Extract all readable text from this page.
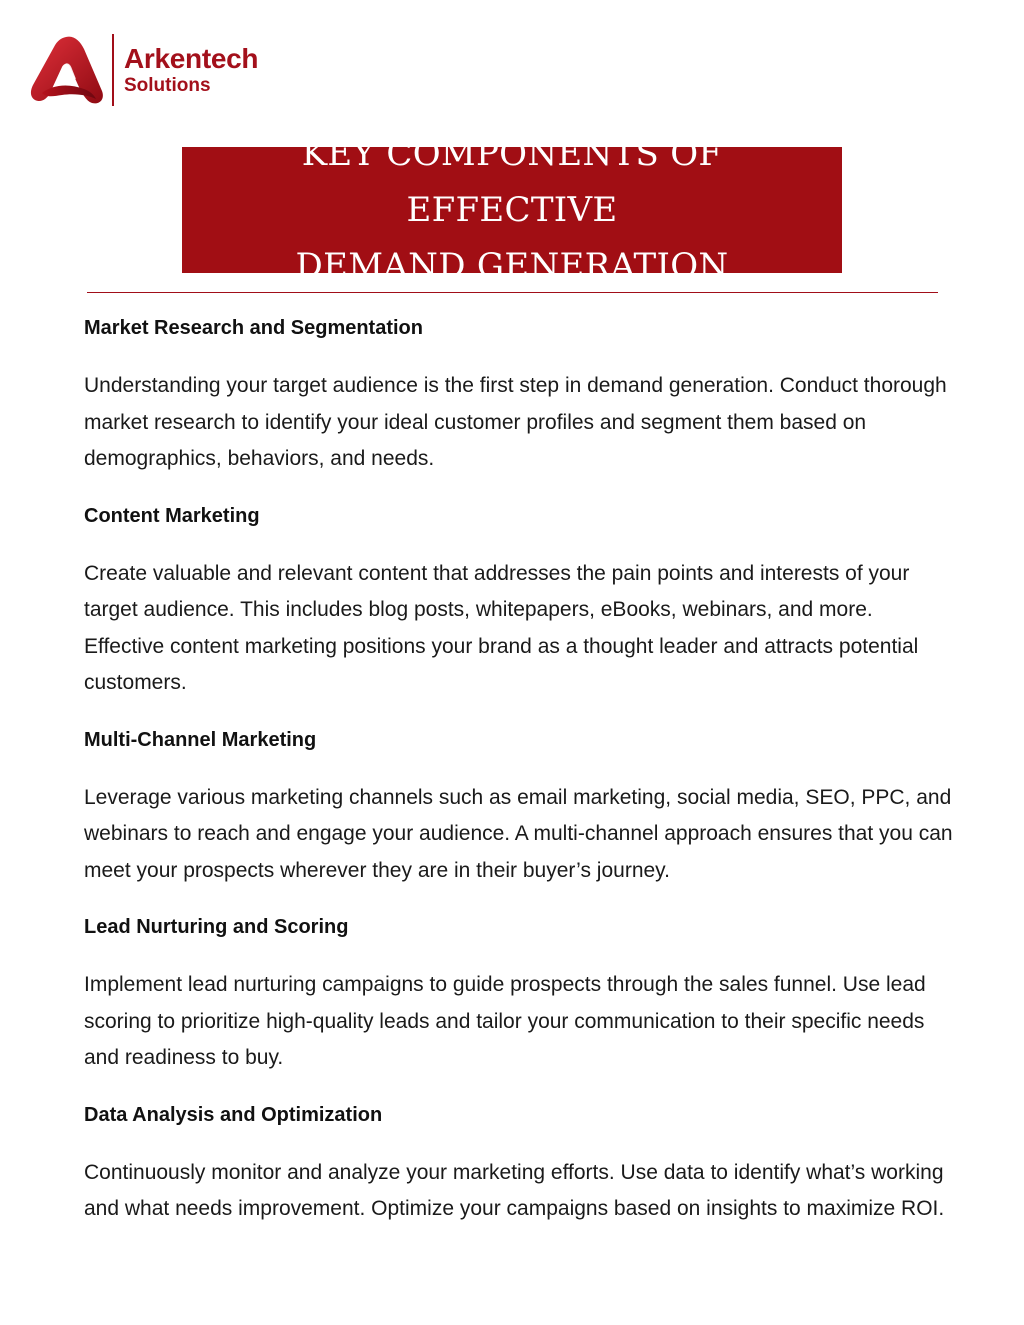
Arkentech
Solutions
KEY COMPONENTS OF EFFECTIVE
DEMAND GENERATION

Market Research and Segmentation

Understanding your target audience is the first step in demand generation. Conduct thorough market research to identify your ideal customer profiles and segment them based on demographics, behaviors, and needs.

Content Marketing

Create valuable and relevant content that addresses the pain points and interests of your target audience. This includes blog posts, whitepapers, eBooks, webinars, and more. Effective content marketing positions your brand as a thought leader and attracts potential customers.

Multi-Channel Marketing

Leverage various marketing channels such as email marketing, social media, SEO, PPC, and webinars to reach and engage your audience. A multi-channel approach ensures that you can meet your prospects wherever they are in their buyer’s journey.

Lead Nurturing and Scoring

Implement lead nurturing campaigns to guide prospects through the sales funnel. Use lead scoring to prioritize high-quality leads and tailor your communication to their specific needs and readiness to buy.

Data Analysis and Optimization

Continuously monitor and analyze your marketing efforts. Use data to identify what’s working and what needs improvement. Optimize your campaigns based on insights to maximize ROI.
